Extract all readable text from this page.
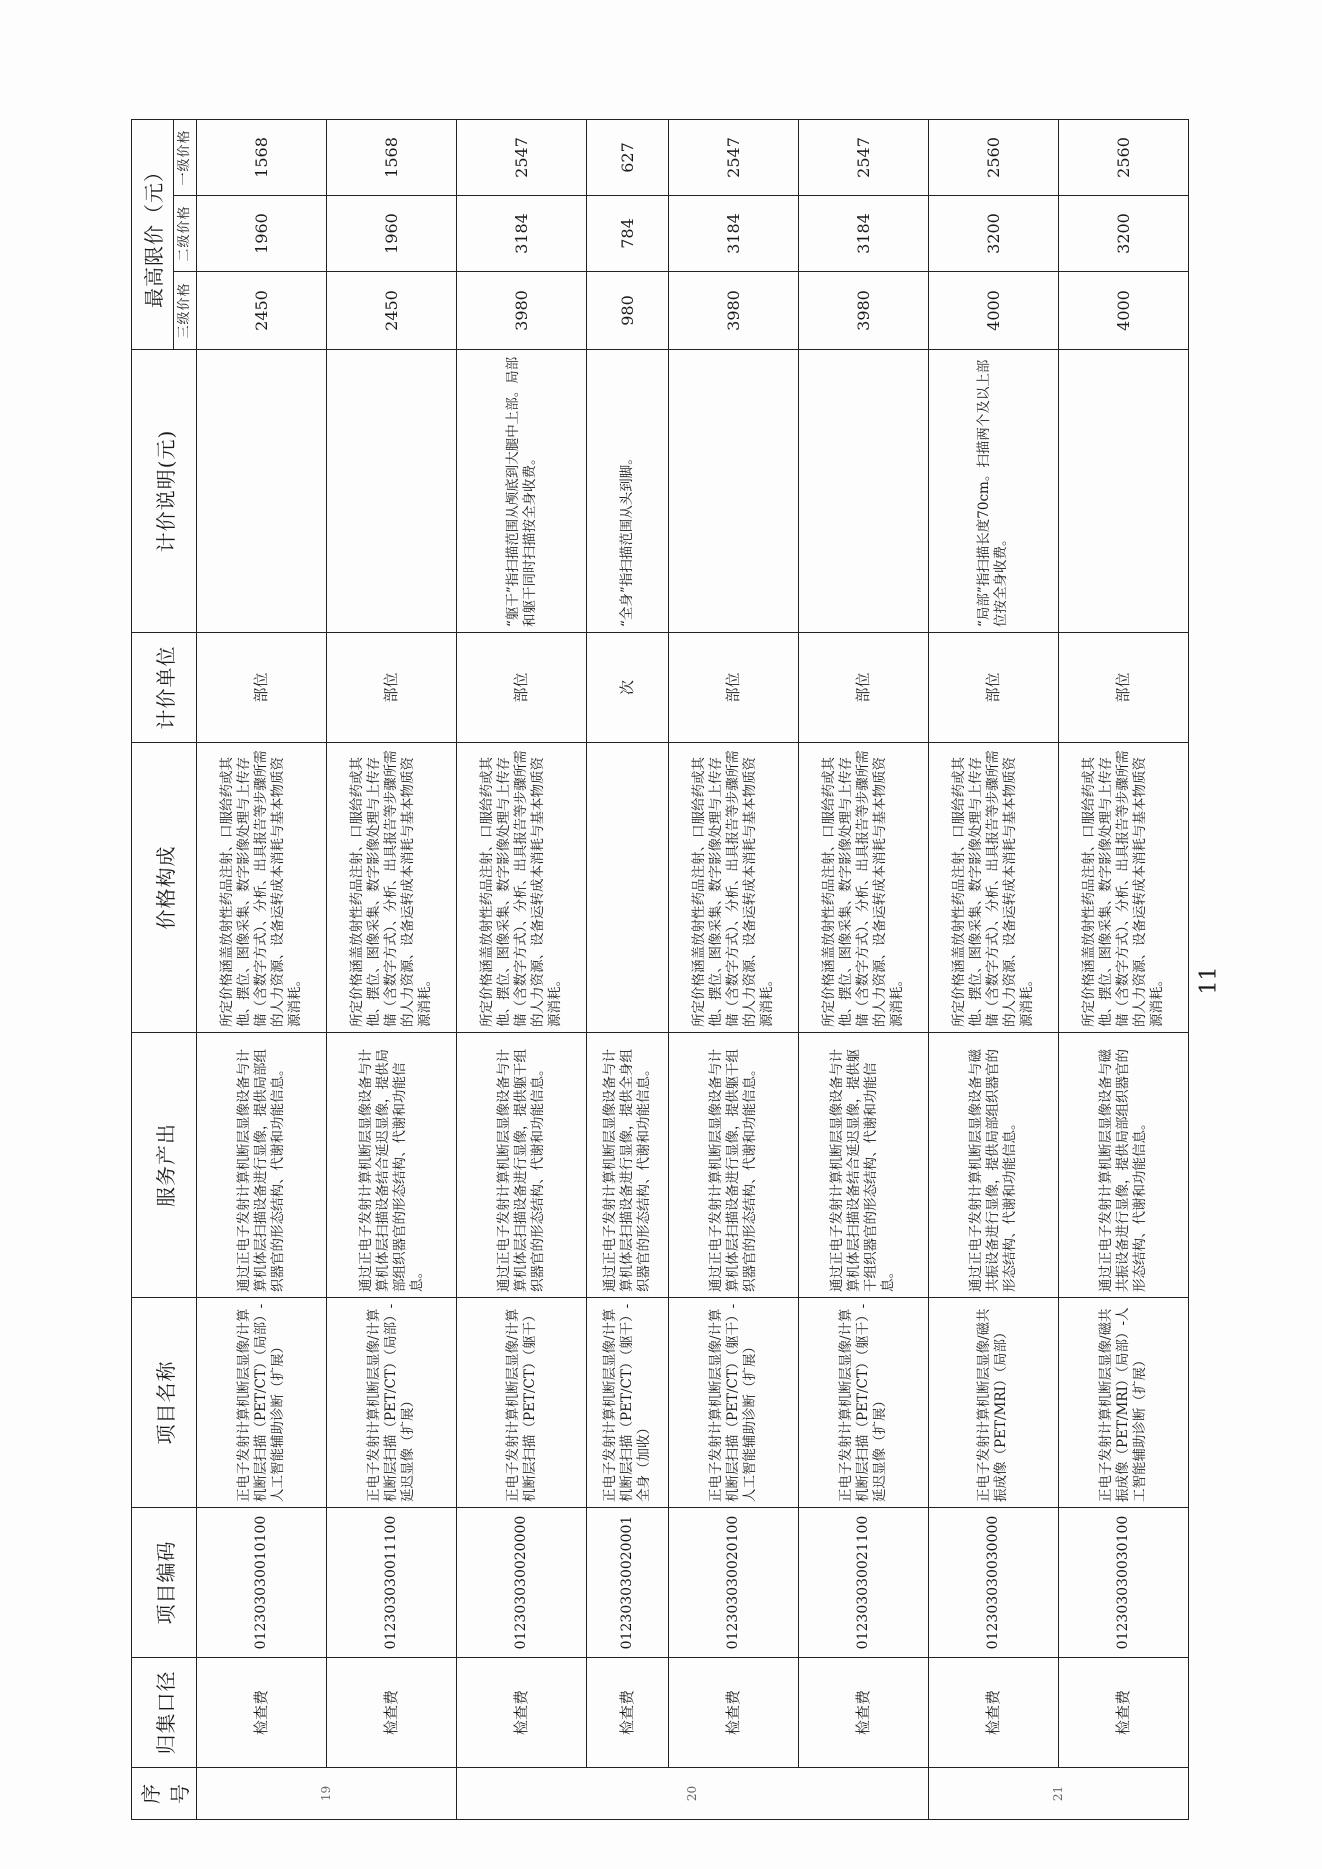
序号	归集口径	项目编码	项目名称	服务产出	价格构成	计价单位	计价说明(元)	最高限价（元）		
								三级价格	二级价格	一级价格
19	检查费	012303030010100	正电子发射计算机断层显像/计算机断层扫描（PET/CT）（局部）-人工智能辅助诊断（扩展）	通过正电子发射计算机断层显像设备与计算机体层扫描设备进行显像，提供局部组织器官的形态结构、代谢和功能信息。	所定价格涵盖放射性药品注射、口服给药或其他、摆位、图像采集、数字影像处理与上传存储（含数字方式）、分析、出具报告等步骤所需的人力资源、设备运转成本消耗与基本物质资源消耗。	部位		2450	1960	1568
	检查费	012303030011100	正电子发射计算机断层显像/计算机断层扫描（PET/CT）（局部）-延迟显像（扩展）	通过正电子发射计算机断层显像设备与计算机体层扫描设备结合延迟显像，提供局部组织器官的形态结构、代谢和功能信息。	所定价格涵盖放射性药品注射、口服给药或其他、摆位、图像采集、数字影像处理与上传存储（含数字方式）、分析、出具报告等步骤所需的人力资源、设备运转成本消耗与基本物质资源消耗。	部位		2450	1960	1568
20	检查费	012303030020000	正电子发射计算机断层显像/计算机断层扫描（PET/CT）（躯干）	通过正电子发射计算机断层显像设备与计算机体层扫描设备进行显像，提供躯干组织器官的形态结构、代谢和功能信息。	所定价格涵盖放射性药品注射、口服给药或其他、摆位、图像采集、数字影像处理与上传存储（含数字方式）、分析、出具报告等步骤所需的人力资源、设备运转成本消耗与基本物质资源消耗。	部位	“躯干”指扫描范围从颅底到大腿中上部。局部和躯干同时扫描按全身收费。	3980	3184	2547
	检查费	012303030020001	正电子发射计算机断层显像/计算机断层扫描（PET/CT）（躯干）-全身（加收）	通过正电子发射计算机断层显像设备与计算机体层扫描设备进行显像，提供全身组织器官的形态结构、代谢和功能信息。		次	“全身”指扫描范围从头到脚。	980	784	627
	检查费	012303030020100	正电子发射计算机断层显像/计算机断层扫描（PET/CT）（躯干）-人工智能辅助诊断（扩展）	通过正电子发射计算机断层显像设备与计算机体层扫描设备进行显像，提供躯干组织器官的形态结构、代谢和功能信息。	所定价格涵盖放射性药品注射、口服给药或其他、摆位、图像采集、数字影像处理与上传存储（含数字方式）、分析、出具报告等步骤所需的人力资源、设备运转成本消耗与基本物质资源消耗。	部位		3980	3184	2547
	检查费	012303030021100	正电子发射计算机断层显像/计算机断层扫描（PET/CT）（躯干）-延迟显像（扩展）	通过正电子发射计算机断层显像设备与计算机体层扫描设备结合延迟显像，提供躯干组织器官的形态结构、代谢和功能信息。	所定价格涵盖放射性药品注射、口服给药或其他、摆位、图像采集、数字影像处理与上传存储（含数字方式）、分析、出具报告等步骤所需的人力资源、设备运转成本消耗与基本物质资源消耗。	部位		3980	3184	2547
21	检查费	012303030030000	正电子发射计算机断层显像/磁共振成像（PET/MRI）（局部）	通过正电子发射计算机断层显像设备与磁共振设备进行显像，提供局部组织器官的形态结构、代谢和功能信息。	所定价格涵盖放射性药品注射、口服给药或其他、摆位、图像采集、数字影像处理与上传存储（含数字方式）、分析、出具报告等步骤所需的人力资源、设备运转成本消耗与基本物质资源消耗。	部位	“局部”指扫描长度70cm。扫描两个及以上部位按全身收费。	4000	3200	2560
	检查费	012303030030100	正电子发射计算机断层显像/磁共振成像（PET/MRI）（局部）-人工智能辅助诊断（扩展）	通过正电子发射计算机断层显像设备与磁共振设备进行显像，提供局部组织器官的形态结构、代谢和功能信息。	所定价格涵盖放射性药品注射、口服给药或其他、摆位、图像采集、数字影像处理与上传存储（含数字方式）、分析、出具报告等步骤所需的人力资源、设备运转成本消耗与基本物质资源消耗。	部位		4000	3200	2560
11
